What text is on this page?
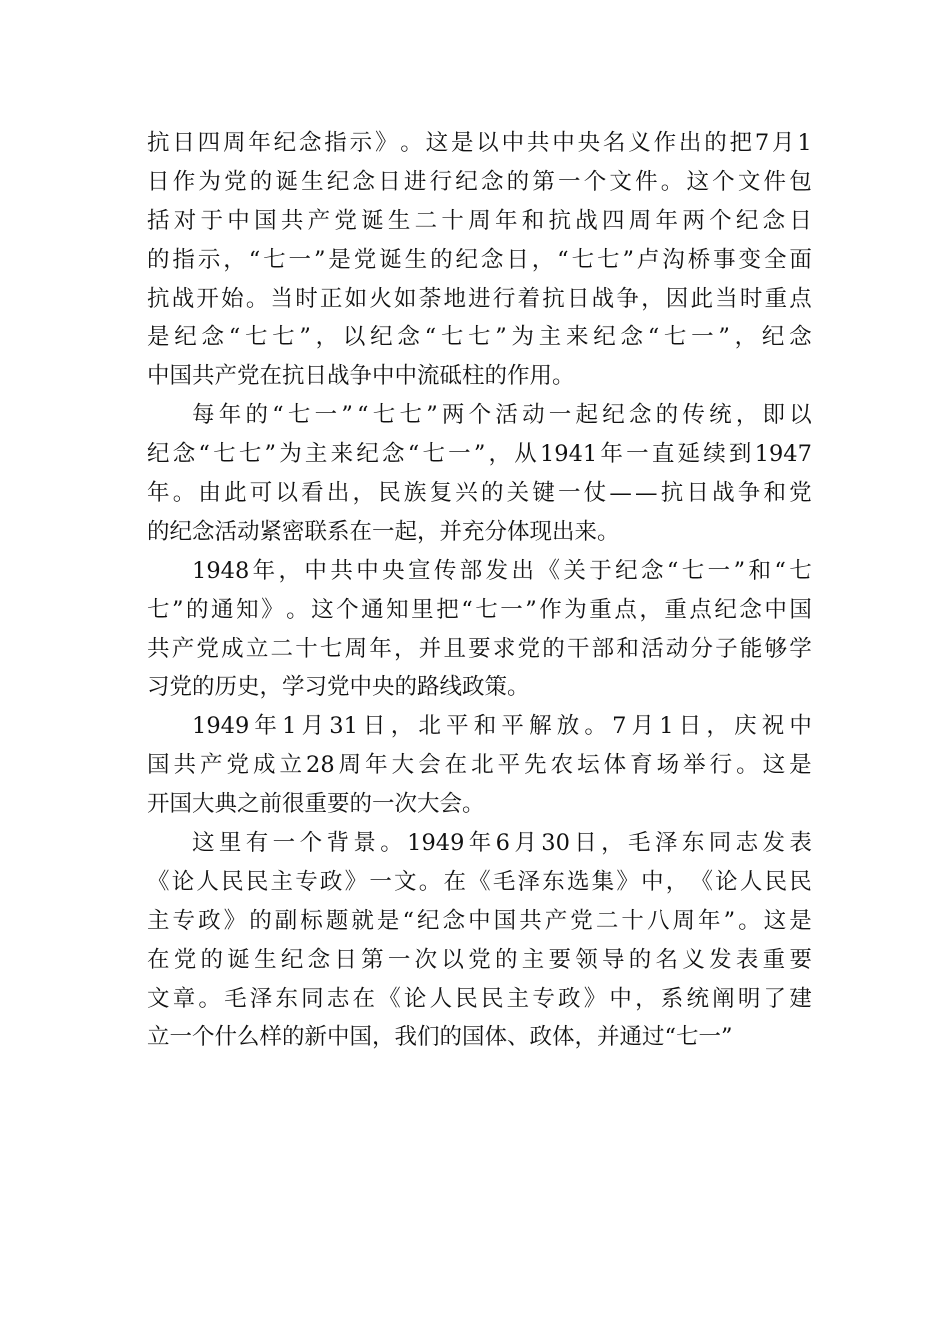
抗 日 四 周 年 纪 念 指 示 》 。 这 是 以 中 共 中 央 名 义 作 出 的 把 7 月 1
日 作 为 党 的 诞 生 纪 念 日 进 行 纪 念 的 第 一 个 文 件 。 这 个 文 件 包
括 对 于 中 国 共 产 党 诞 生 二 十 周 年 和 抗 战 四 周 年 两 个 纪 念 日
的 指 示 ， “ 七 一 ” 是 党 诞 生 的 纪 念 日 ， “ 七 七 ” 卢 沟 桥 事 变 全 面
抗 战 开 始 。 当 时 正 如 火 如 荼 地 进 行 着 抗 日 战 争 ， 因 此 当 时 重 点
是 纪 念 “ 七 七 ” ， 以 纪 念 “ 七 七 ” 为 主 来 纪 念 “ 七 一 ” ， 纪 念
中国共产党在抗日战争中中流砥柱的作用。
每 年 的 “ 七 一 ” “ 七 七 ” 两 个 活 动 一 起 纪 念 的 传 统 ， 即 以
纪 念 “ 七 七 ” 为 主 来 纪 念 “ 七 一 ” ， 从 1941 年 一 直 延 续 到 1947
年 。 由 此 可 以 看 出 ， 民 族 复 兴 的 关 键 一 仗 — — 抗 日 战 争 和 党
的纪念活动紧密联系在一起，并充分体现出来。
1948 年 ， 中 共 中 央 宣 传 部 发 出 《 关 于 纪 念 “ 七 一 ” 和 “ 七
七 ” 的 通 知 》 。 这 个 通 知 里 把 “ 七 一 ” 作 为 重 点 ， 重 点 纪 念 中 国
共 产 党 成 立 二 十 七 周 年 ， 并 且 要 求 党 的 干 部 和 活 动 分 子 能 够 学
习党的历史，学习党中央的路线政策。
1949 年 1 月 31 日 ， 北 平 和 平 解 放 。 7 月 1 日 ， 庆 祝 中
国 共 产 党 成 立 28 周 年 大 会 在 北 平 先 农 坛 体 育 场 举 行 。 这 是
开国大典之前很重要的一次大会。
这 里 有 一 个 背 景 。 1949 年 6 月 30 日 ， 毛 泽 东 同 志 发 表
《 论 人 民 民 主 专 政 》 一 文 。 在 《 毛 泽 东 选 集 》 中 ， 《 论 人 民 民
主 专 政 》 的 副 标 题 就 是 “ 纪 念 中 国 共 产 党 二 十 八 周 年 ” 。 这 是
在 党 的 诞 生 纪 念 日 第 一 次 以 党 的 主 要 领 导 的 名 义 发 表 重 要
文 章 。 毛 泽 东 同 志 在 《 论 人 民 民 主 专 政 》 中 ， 系 统 阐 明 了 建
立一个什么样的新中国，我们的国体、政体，并通过“七一”
